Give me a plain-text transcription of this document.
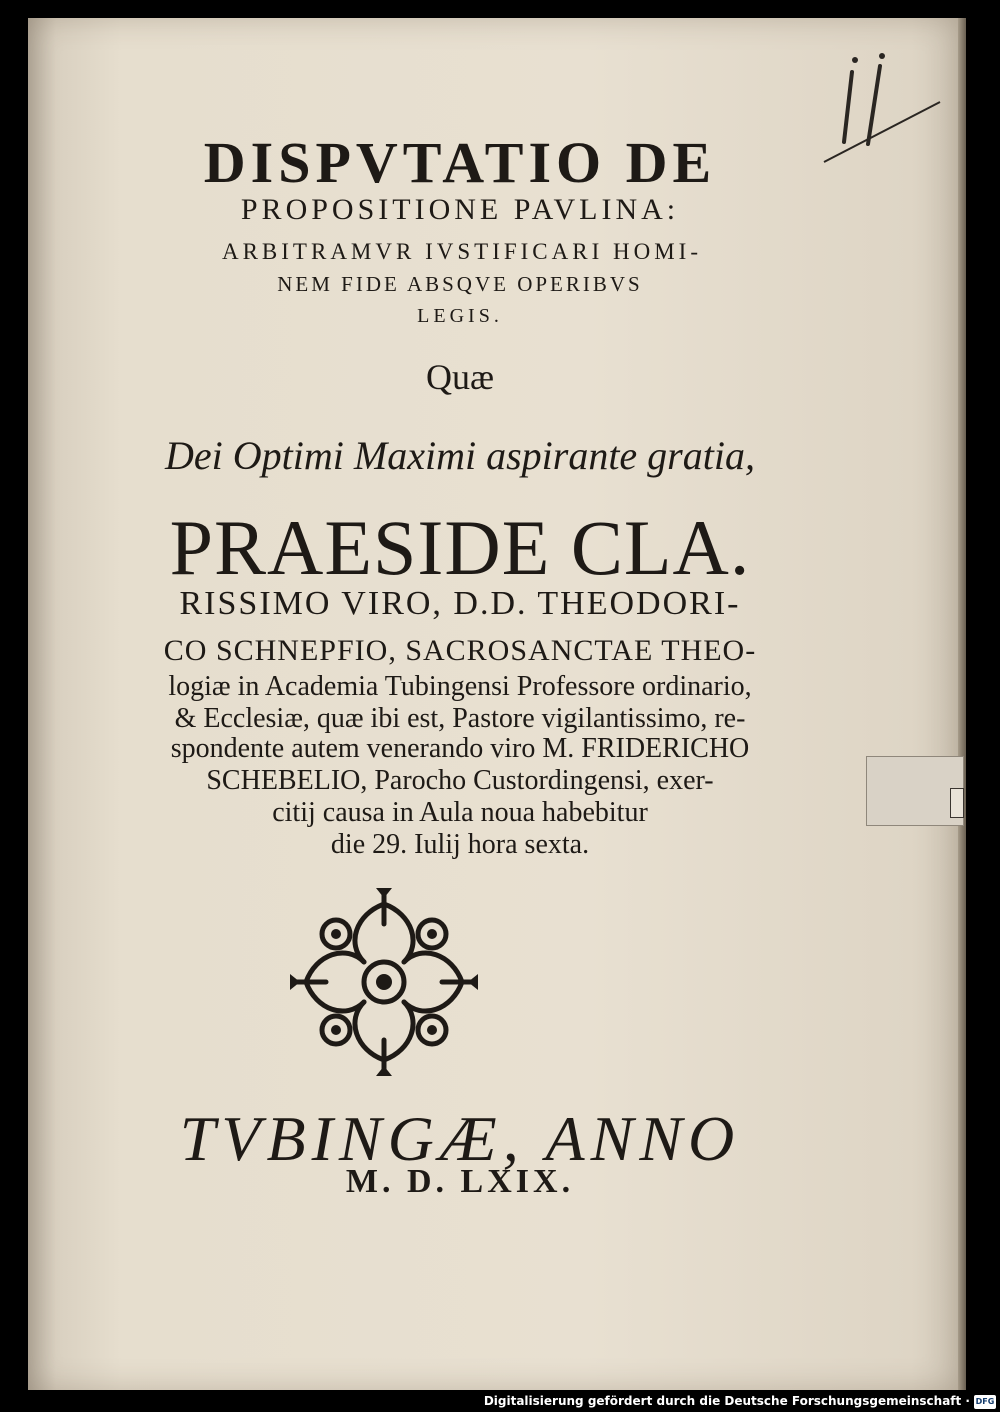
DISPVTATIO DE
PROPOSITIONE PAVLINA:
ARBITRAMVR IVSTIFICARI HOMI-
NEM FIDE ABSQVE OPERIBVS
LEGIS.
Quæ
Dei Optimi Maximi aspirante gratia,
PRAESIDE CLA.
RISSIMO VIRO, D.D. THEODORI-
CO SCHNEPFIO, SACROSANCTAE THEO-
logiæ in Academia Tubingensi Professore ordinario,
& Ecclesiæ, quæ ibi est, Pastore vigilantissimo, re-
spondente autem venerando viro M. FRIDERICHO
SCHEBELIO, Parocho Custordingensi, exer-
citij causa in Aula noua habebitur
die 29. Iulij hora sexta.
TVBINGÆ, ANNO
M. D. LXIX.
Digitalisierung gefördert durch die Deutsche Forschungsgemeinschaft · DFG
